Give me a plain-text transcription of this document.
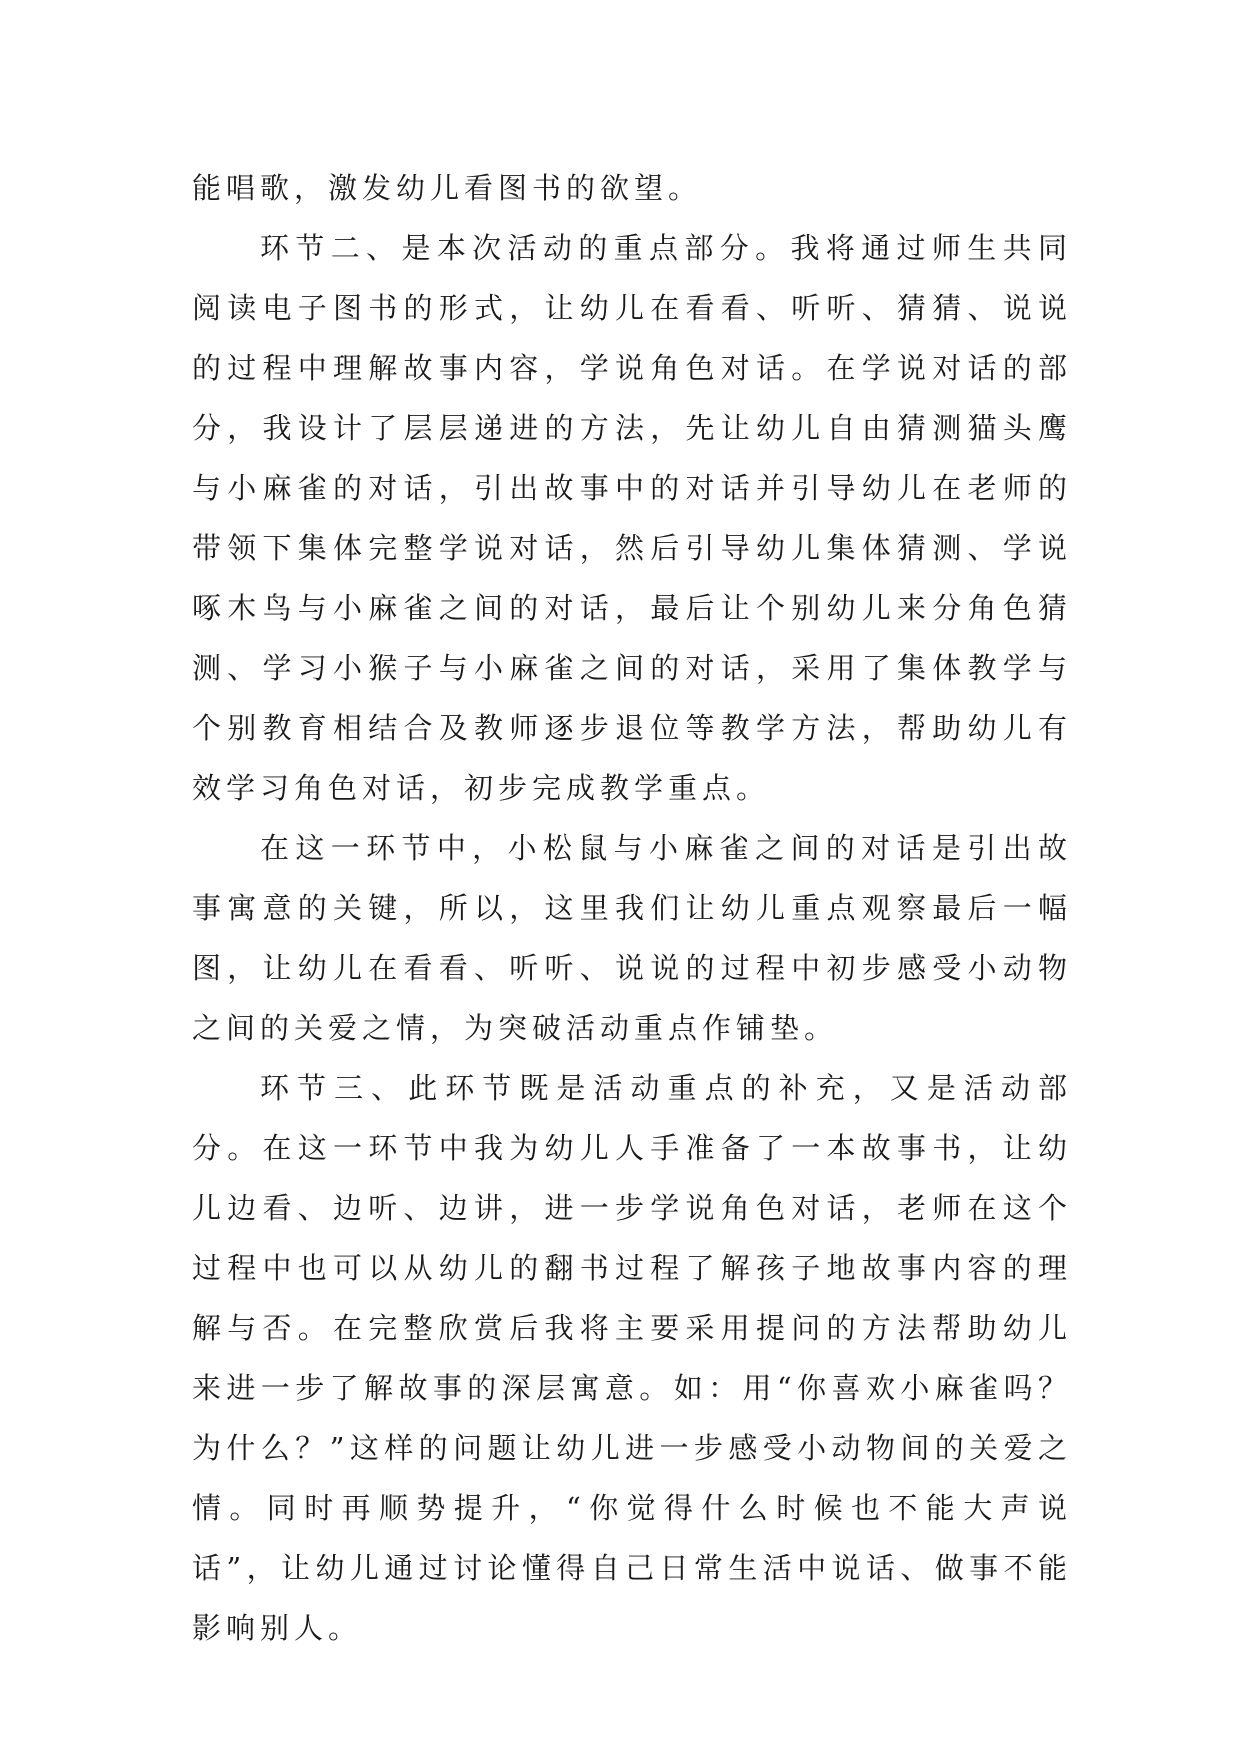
能唱歌，激发幼儿看图书的欲望。

环节二、是本次活动的重点部分。我将通过师生共同阅读电子图书的形式，让幼儿在看看、听听、猜猜、说说的过程中理解故事内容，学说角色对话。在学说对话的部分，我设计了层层递进的方法，先让幼儿自由猜测猫头鹰与小麻雀的对话，引出故事中的对话并引导幼儿在老师的带领下集体完整学说对话，然后引导幼儿集体猜测、学说啄木鸟与小麻雀之间的对话，最后让个别幼儿来分角色猜测、学习小猴子与小麻雀之间的对话，采用了集体教学与个别教育相结合及教师逐步退位等教学方法，帮助幼儿有效学习角色对话，初步完成教学重点。

在这一环节中，小松鼠与小麻雀之间的对话是引出故事寓意的关键，所以，这里我们让幼儿重点观察最后一幅图，让幼儿在看看、听听、说说的过程中初步感受小动物之间的关爱之情，为突破活动重点作铺垫。

环节三、此环节既是活动重点的补充，又是活动部分。在这一环节中我为幼儿人手准备了一本故事书，让幼儿边看、边听、边讲，进一步学说角色对话，老师在这个过程中也可以从幼儿的翻书过程了解孩子地故事内容的理解与否。在完整欣赏后我将主要采用提问的方法帮助幼儿来进一步了解故事的深层寓意。如：用“你喜欢小麻雀吗？为什么？”这样的问题让幼儿进一步感受小动物间的关爱之情。同时再顺势提升，“你觉得什么时候也不能大声说话”，让幼儿通过讨论懂得自己日常生活中说话、做事不能影响别人。
